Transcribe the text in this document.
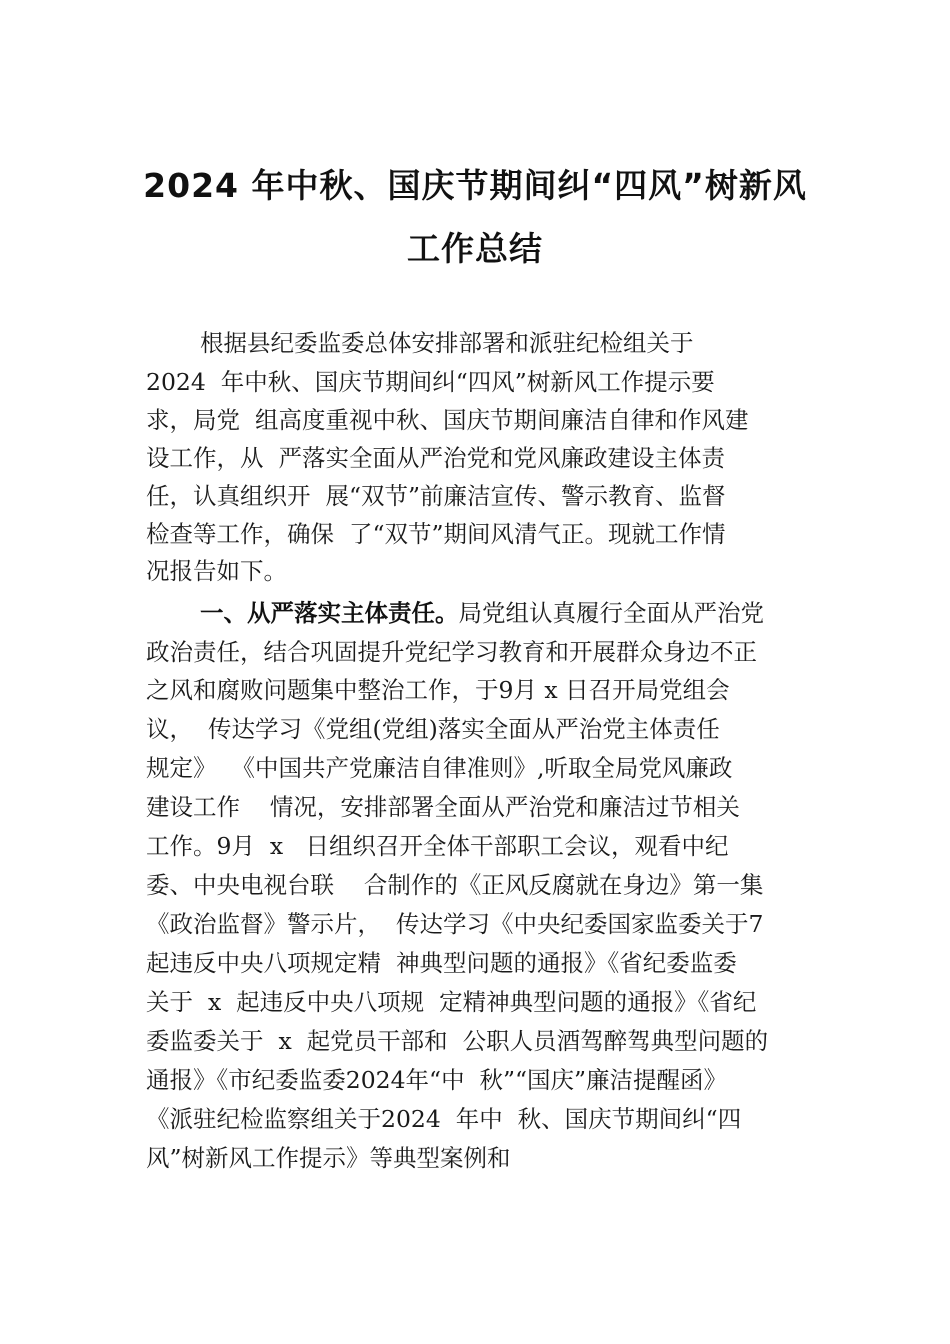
2024 年中秋、国庆节期间纠“四风”树新风
工作总结
根据县纪委监委总体安排部署和派驻纪检组关于
2024  年中秋、国庆节期间纠“四风”树新风工作提示要
求，局党  组高度重视中秋、国庆节期间廉洁自律和作风建
设工作，从  严落实全面从严治党和党风廉政建设主体责
任，认真组织开  展“双节”前廉洁宣传、警示教育、监督
检查等工作，确保  了“双节”期间风清气正。现就工作情
况报告如下。
一、从严落实主体责任。局党组认真履行全面从严治党
政治责任，结合巩固提升党纪学习教育和开展群众身边不正
之风和腐败问题集中整治工作，于9月 x 日召开局党组会
议，  传达学习《党组(党组)落实全面从严治党主体责任
规定》  《中国共产党廉洁自律准则》,听取全局党风廉政
建设工作    情况，安排部署全面从严治党和廉洁过节相关
工作。9月  x   日组织召开全体干部职工会议，观看中纪
委、中央电视台联    合制作的《正风反腐就在身边》第一集
《政治监督》警示片，  传达学习《中央纪委国家监委关于7
起违反中央八项规定精  神典型问题的通报》《省纪委监委
关于  x  起违反中央八项规  定精神典型问题的通报》《省纪
委监委关于  x  起党员干部和  公职人员酒驾醉驾典型问题的
通报》《市纪委监委2024年“中  秋”“国庆”廉洁提醒函》
《派驻纪检监察组关于2024  年中  秋、国庆节期间纠“四
风”树新风工作提示》等典型案例和
